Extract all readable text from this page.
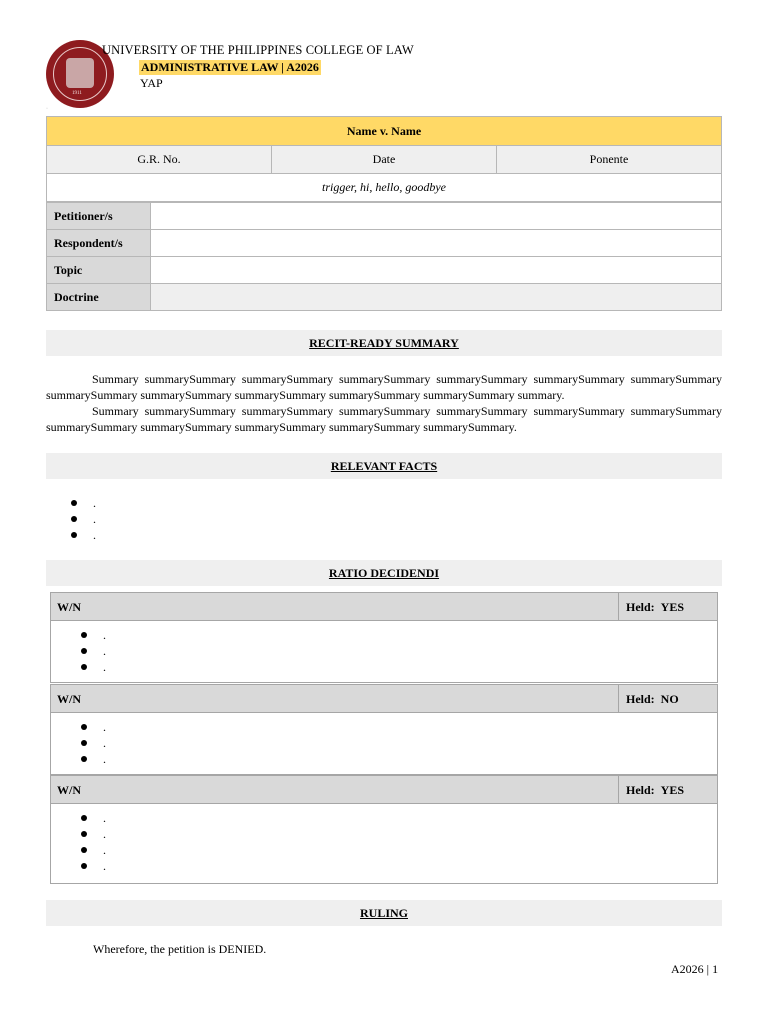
1911
UNIVERSITY OF THE PHILIPPINES COLLEGE OF LAW
ADMINISTRATIVE LAW | A2026
YAP
·
Name v. Name
G.R. No.	Date	Ponente
trigger, hi, hello, goodbye
Petitioner/s	
Respondent/s	
Topic	
Doctrine	
RECIT-READY SUMMARY

Summary summarySummary summarySummary summarySummary summarySummary summarySummary summarySummary summarySummary summarySummary summarySummary summarySummary summarySummary summary.

Summary summarySummary summarySummary summarySummary summarySummary summarySummary summarySummary summarySummary summarySummary summarySummary summarySummary summarySummary.

RELEVANT FACTS
.
.
.
RATIO DECIDENDI
W/N	Held: YES
.
.
.
W/N	Held: NO
.
.
.
W/N	Held: YES
.
.
.
.
RULING
Wherefore, the petition is DENIED.
A2026 | 1
